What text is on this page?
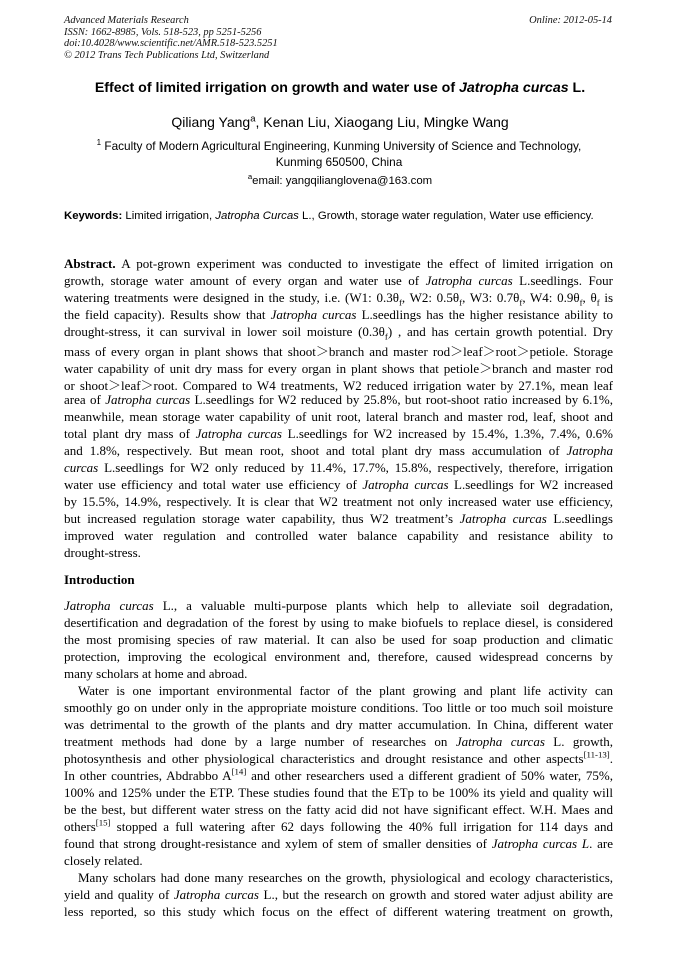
Advanced Materials Research
ISSN: 1662-8985, Vols. 518-523, pp 5251-5256
doi:10.4028/www.scientific.net/AMR.518-523.5251
© 2012 Trans Tech Publications Ltd, Switzerland
Online: 2012-05-14
Effect of limited irrigation on growth and water use of Jatropha curcas L.
Qiliang Yang$^a$, Kenan Liu, Xiaogang Liu, Mingke Wang
$^1$ Faculty of Modern Agricultural Engineering, Kunming University of Science and Technology,
Kunming 650500, China
$^a$email: yangqilianglovena@163.com
Keywords: Limited irrigation, Jatropha Curcas L., Growth, storage water regulation, Water use efficiency.
Abstract. A pot-grown experiment was conducted to investigate the effect of limited irrigation on
growth, storage water amount of every organ and water use of Jatropha curcas L.seedlings. Four
watering treatments were designed in the study, i.e. (W1: $0.3\theta_f$, W2: $0.5\theta_f$, W3: $0.7\theta_f$, W4: $0.9\theta_f$, $\theta_f$ is
the field capacity). Results show that Jatropha curcas L.seedlings has the higher resistance ability to
drought-stress, it can survival in lower soil moisture $(0.3\theta_f)$ , and has certain growth potential. Dry
mass of every organ in plant shows that shoot＞branch and master rod＞leaf＞root＞petiole. Storage
water capability of unit dry mass for every organ in plant shows that petiole＞branch and master rod
or shoot＞leaf＞root. Compared to W4 treatments, W2 reduced irrigation water by 27.1%, mean leaf
area of Jatropha curcas L.seedlings for W2 reduced by 25.8%, but root-shoot ratio increased by 6.1%,
meanwhile, mean storage water capability of unit root, lateral branch and master rod, leaf, shoot and
total plant dry mass of Jatropha curcas L.seedlings for W2 increased by 15.4%, 1.3%, 7.4%, 0.6%
and 1.8%, respectively. But mean root, shoot and total plant dry mass accumulation of Jatropha
curcas L.seedlings for W2 only reduced by 11.4%, 17.7%, 15.8%, respectively, therefore, irrigation
water use efficiency and total water use efficiency of Jatropha curcas L.seedlings for W2 increased
by 15.5%, 14.9%, respectively. It is clear that W2 treatment not only increased water use efficiency,
but increased regulation storage water capability, thus W2 treatment’s Jatropha curcas L.seedlings
improved water regulation and controlled water balance capability and resistance ability to
drought-stress.
Introduction
Jatropha curcas L., a valuable multi-purpose plants which help to alleviate soil degradation,
desertification and degradation of the forest by using to make biofuels to replace diesel, is considered
the most promising species of raw material. It can also be used for soap production and climatic
protection, improving the ecological environment and, therefore, caused widespread concerns by
many scholars at home and abroad.
Water is one important environmental factor of the plant growing and plant life activity can
smoothly go on under only in the appropriate moisture conditions. Too little or too much soil moisture
was detrimental to the growth of the plants and dry matter accumulation. In China, different water
treatment methods had done by a large number of researches on Jatropha curcas L. growth,
photosynthesis and other physiological characteristics and drought resistance and other aspects[11-13].
In other countries, Abdrabbo A[14] and other researchers used a different gradient of 50% water, 75%,
100% and 125% under the ETP. These studies found that the ETp to be 100% its yield and quality will
be the best, but different water stress on the fatty acid did not have significant effect. W.H. Maes and
others[15] stopped a full watering after 62 days following the 40% full irrigation for 114 days and
found that strong drought-resistance and xylem of stem of smaller densities of Jatropha curcas L. are
closely related.
Many scholars had done many researches on the growth, physiological and ecology characteristics,
yield and quality of Jatropha curcas L., but the research on growth and stored water adjust ability are
less reported, so this study which focus on the effect of different watering treatment on growth,
